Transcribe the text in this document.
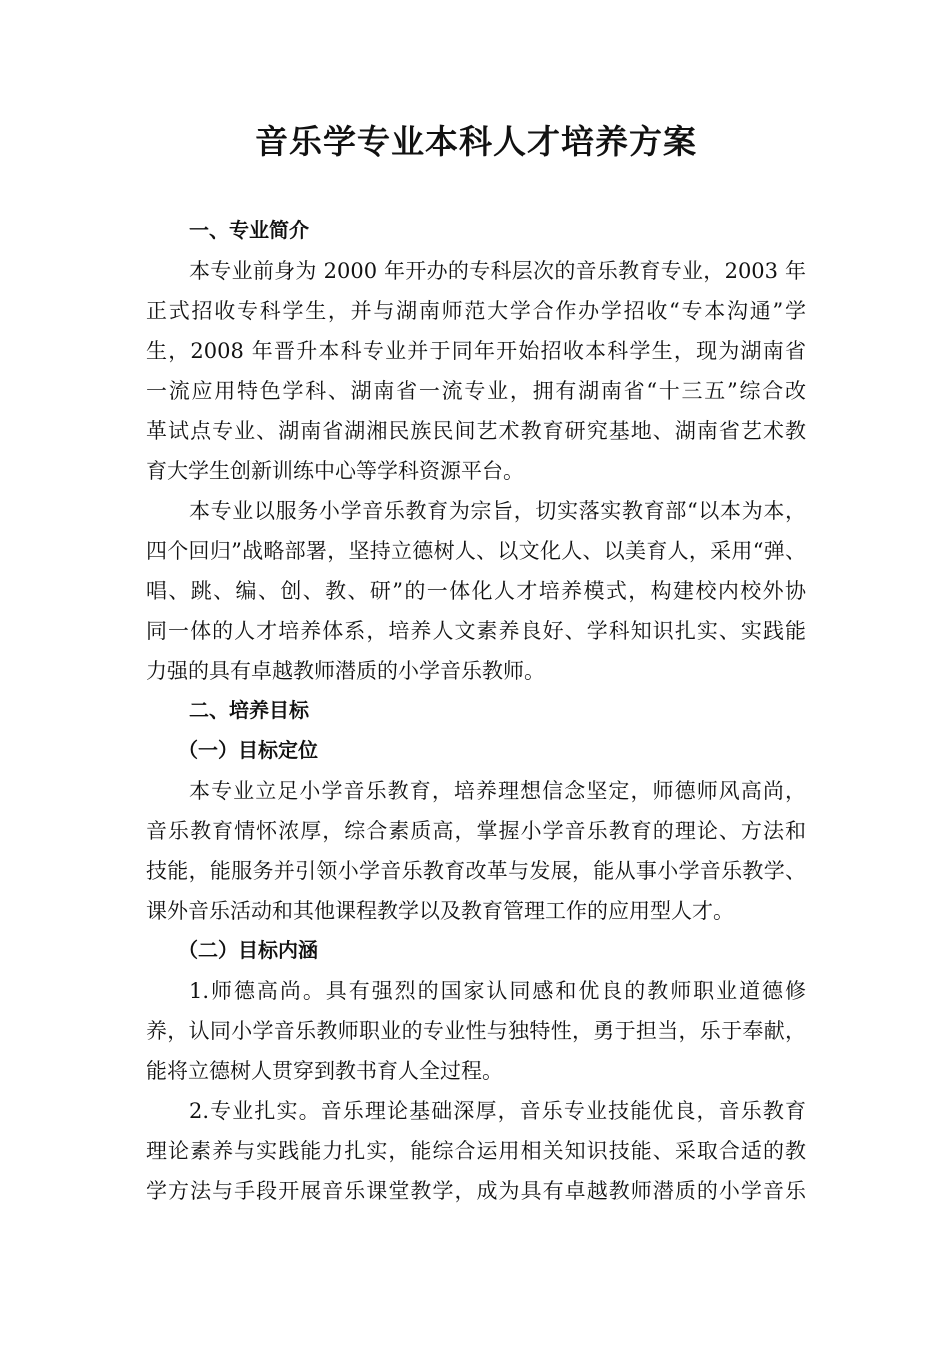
音乐学专业本科人才培养方案
一、专业简介
本专业前身为 2000 年开办的专科层次的音乐教育专业，2003 年
正式招收专科学生，并与湖南师范大学合作办学招收“专本沟通”学
生，2008 年晋升本科专业并于同年开始招收本科学生，现为湖南省
一流应用特色学科、湖南省一流专业，拥有湖南省“十三五”综合改
革试点专业、湖南省湖湘民族民间艺术教育研究基地、湖南省艺术教
育大学生创新训练中心等学科资源平台。
本专业以服务小学音乐教育为宗旨，切实落实教育部“以本为本，
四个回归”战略部署，坚持立德树人、以文化人、以美育人，采用“弹、
唱、跳、编、创、教、研”的一体化人才培养模式，构建校内校外协
同一体的人才培养体系，培养人文素养良好、学科知识扎实、实践能
力强的具有卓越教师潜质的小学音乐教师。
二、培养目标
（一）目标定位
本专业立足小学音乐教育，培养理想信念坚定，师德师风高尚，
音乐教育情怀浓厚，综合素质高，掌握小学音乐教育的理论、方法和
技能，能服务并引领小学音乐教育改革与发展，能从事小学音乐教学、
课外音乐活动和其他课程教学以及教育管理工作的应用型人才。
（二）目标内涵
1.师德高尚。具有强烈的国家认同感和优良的教师职业道德修
养，认同小学音乐教师职业的专业性与独特性，勇于担当，乐于奉献，
能将立德树人贯穿到教书育人全过程。
2.专业扎实。音乐理论基础深厚，音乐专业技能优良，音乐教育
理论素养与实践能力扎实，能综合运用相关知识技能、采取合适的教
学方法与手段开展音乐课堂教学，成为具有卓越教师潜质的小学音乐
